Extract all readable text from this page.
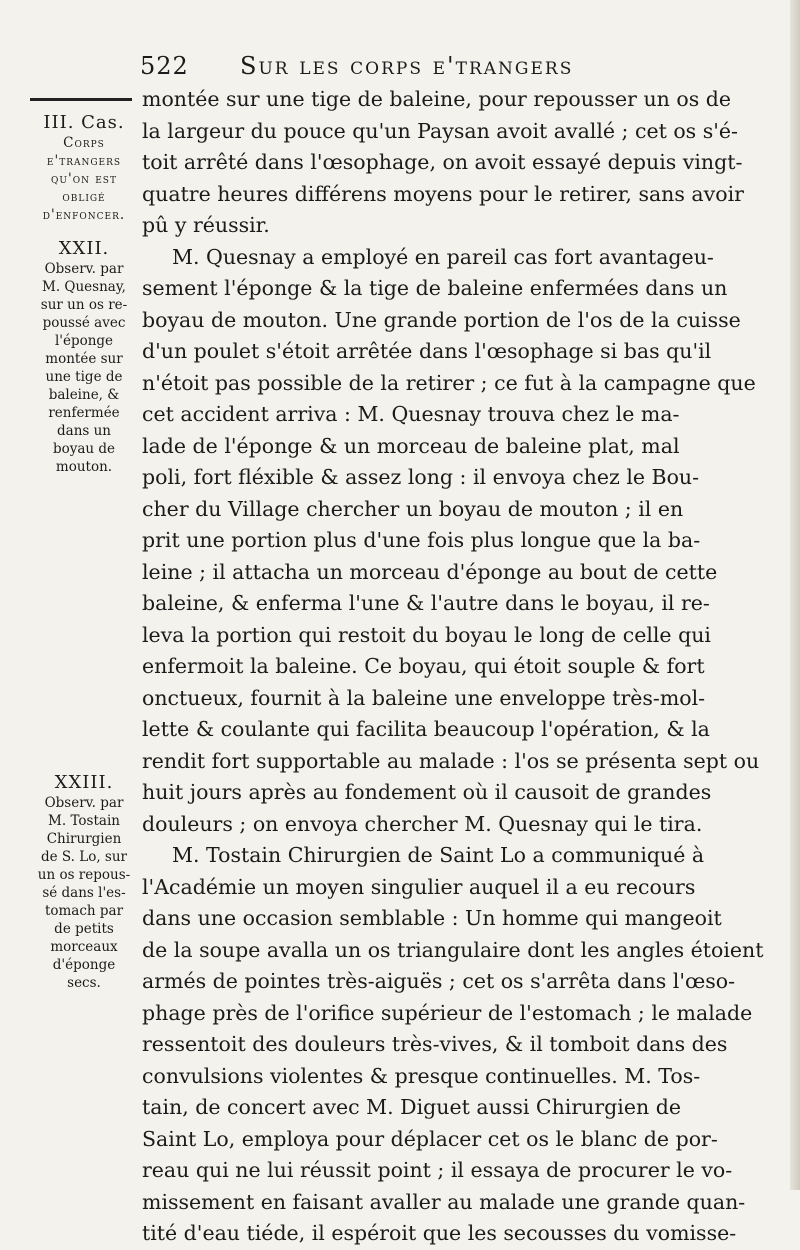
522 Sur les corps e'trangers
III. Cas.
Corps
e'trangers
qu'on est
obligé
d'enfoncer.
XXII.
Observ. par
M. Quesnay,
sur un os re-
poussé avec
l'éponge
montée sur
une tige de
baleine, &
renfermée
dans un
boyau de
mouton.
XXIII.
Observ. par
M. Tostain
Chirurgien
de S. Lo, sur
un os repous-
sé dans l'es-
tomach par
de petits
morceaux
d'éponge
secs.
montée sur une tige de baleine, pour repousser un os de
la largeur du pouce qu'un Paysan avoit avallé ; cet os s'é-
toit arrêté dans l'œsophage, on avoit essayé depuis vingt-
quatre heures différens moyens pour le retirer, sans avoir
pû y réussir.
M. Quesnay a employé en pareil cas fort avantageu-
sement l'éponge & la tige de baleine enfermées dans un
boyau de mouton. Une grande portion de l'os de la cuisse
d'un poulet s'étoit arrêtée dans l'œsophage si bas qu'il
n'étoit pas possible de la retirer ; ce fut à la campagne que
cet accident arriva : M. Quesnay trouva chez le ma-
lade de l'éponge & un morceau de baleine plat, mal
poli, fort fléxible & assez long : il envoya chez le Bou-
cher du Village chercher un boyau de mouton ; il en
prit une portion plus d'une fois plus longue que la ba-
leine ; il attacha un morceau d'éponge au bout de cette
baleine, & enferma l'une & l'autre dans le boyau, il re-
leva la portion qui restoit du boyau le long de celle qui
enfermoit la baleine. Ce boyau, qui étoit souple & fort
onctueux, fournit à la baleine une enveloppe très-mol-
lette & coulante qui facilita beaucoup l'opération, & la
rendit fort supportable au malade : l'os se présenta sept ou
huit jours après au fondement où il causoit de grandes
douleurs ; on envoya chercher M. Quesnay qui le tira.
M. Tostain Chirurgien de Saint Lo a communiqué à
l'Académie un moyen singulier auquel il a eu recours
dans une occasion semblable : Un homme qui mangeoit
de la soupe avalla un os triangulaire dont les angles étoient
armés de pointes très-aiguës ; cet os s'arrêta dans l'œso-
phage près de l'orifice supérieur de l'estomach ; le malade
ressentoit des douleurs très-vives, & il tomboit dans des
convulsions violentes & presque continuelles. M. Tos-
tain, de concert avec M. Diguet aussi Chirurgien de
Saint Lo, employa pour déplacer cet os le blanc de por-
reau qui ne lui réussit point ; il essaya de procurer le vo-
missement en faisant avaller au malade une grande quan-
tité d'eau tiéde, il espéroit que les secousses du vomisse-
